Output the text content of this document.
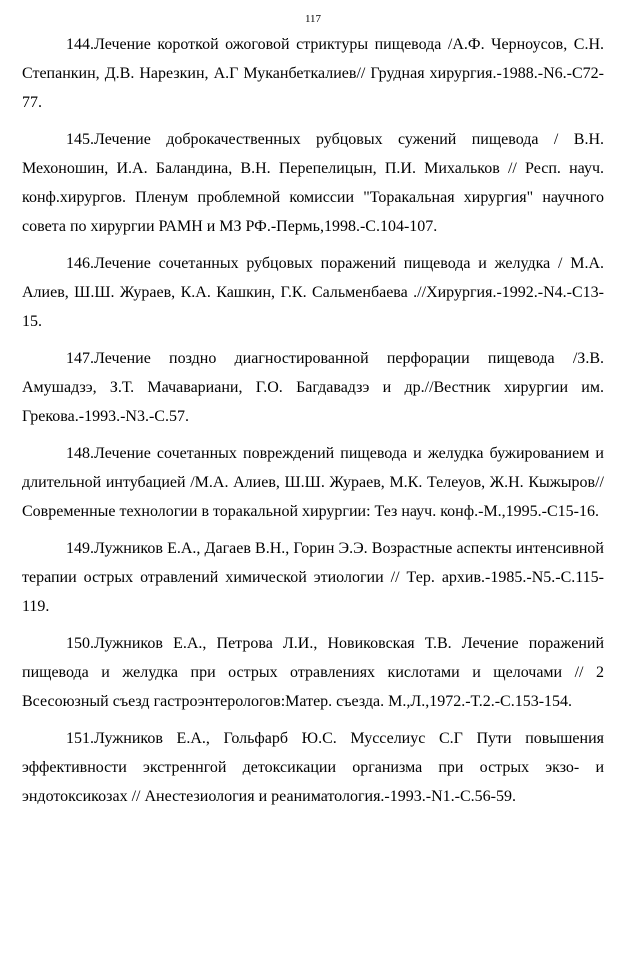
117

144.Лечение короткой ожоговой стриктуры пищевода /А.Ф. Черноусов, С.Н. Степанкин, Д.В. Нарезкин, А.Г Муканбеткалиев// Грудная хирургия.-1988.-N6.-С72-77.

145.Лечение доброкачественных рубцовых сужений пищевода / В.Н. Мехоношин, И.А. Баландина, В.Н. Перепелицын, П.И. Михальков // Респ. науч. конф.хирургов. Пленум проблемной комиссии "Торакальная хирургия" научного совета по хирургии РАМН и МЗ РФ.-Пермь,1998.-С.104-107.

146.Лечение сочетанных рубцовых поражений пищевода и желудка / М.А. Алиев, Ш.Ш. Жураев, К.А. Кашкин, Г.К. Сальменбаева .//Хирургия.-1992.-N4.-С13-15.

147.Лечение поздно диагностированной перфорации пищевода /З.В. Амушадзэ, З.Т. Мачавариани, Г.О. Багдавадзэ и др.//Вестник хирургии им. Грекова.-1993.-N3.-С.57.

148.Лечение сочетанных повреждений пищевода и желудка бужированием и длительной интубацией /М.А. Алиев, Ш.Ш. Жураев, М.К. Телеуов, Ж.Н. Кыжыров// Современные технологии в торакальной хирургии: Тез науч. конф.-М.,1995.-С15-16.

149.Лужников Е.А., Дагаев В.Н., Горин Э.Э. Возрастные аспекты интенсивной терапии острых отравлений химической этиологии // Тер. архив.-1985.-N5.-С.115-119.

150.Лужников Е.А., Петрова Л.И., Новиковская Т.В. Лечение поражений пищевода и желудка при острых отравлениях кислотами и щелочами // 2 Всесоюзный съезд гастроэнтерологов:Матер. съезда. М.,Л.,1972.-Т.2.-С.153-154.

151.Лужников Е.А., Гольфарб Ю.С. Мусселиус С.Г Пути повышения эффективности экстреннгой детоксикации организма при острых экзо- и эндотоксикозах // Анестезиология и реаниматология.-1993.-N1.-С.56-59.
